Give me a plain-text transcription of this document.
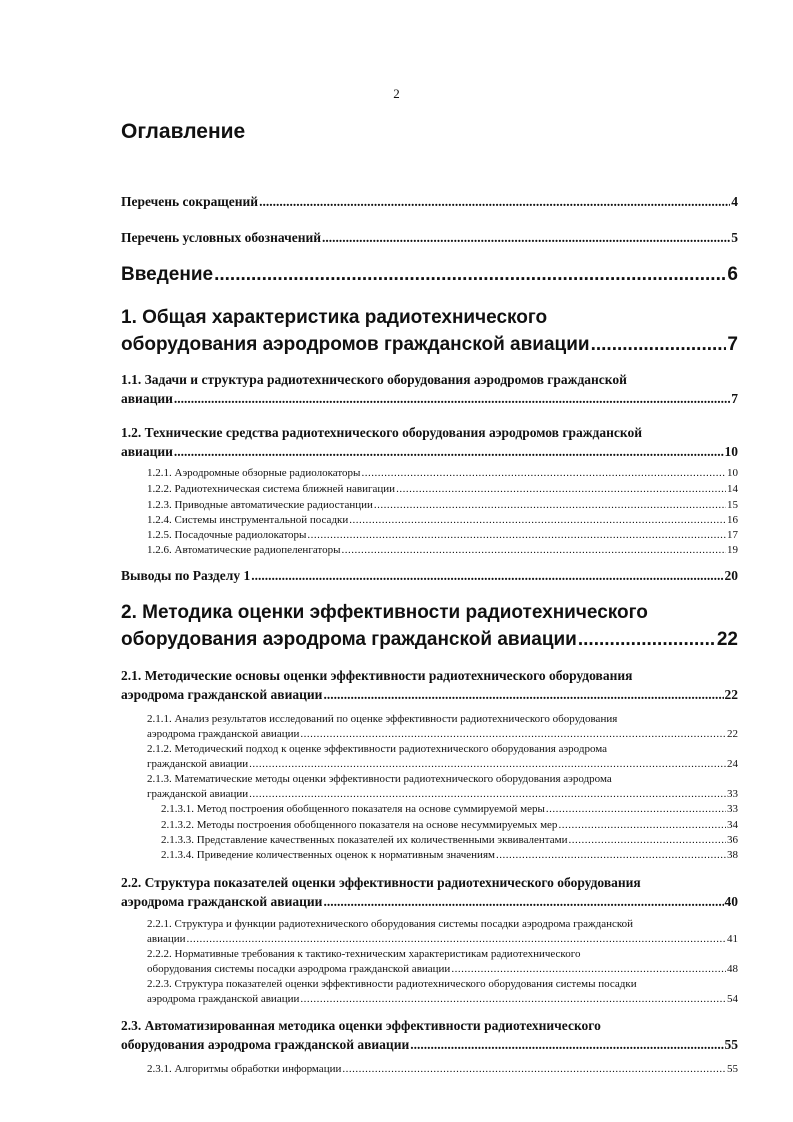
2
Оглавление
Перечень сокращений .....	4
Перечень условных обозначений .....	5
Введение .....	6
1. Общая характеристика радиотехнического
оборудования аэродромов гражданской авиации .....	7
1.1. Задачи и структура радиотехнического оборудования аэродромов гражданской
авиации .....	7
1.2. Технические средства радиотехнического оборудования аэродромов гражданской
авиации .....	10
1.2.1. Аэродромные обзорные радиолокаторы .....	10
1.2.2. Радиотехническая система ближней навигации .....	14
1.2.3. Приводные автоматические радиостанции .....	15
1.2.4. Системы инструментальной посадки .....	16
1.2.5. Посадочные радиолокаторы .....	17
1.2.6. Автоматические радиопеленгаторы .....	19
Выводы по Разделу 1 .....	20
2. Методика оценки эффективности радиотехнического
оборудования аэродрома гражданской авиации .....	22
2.1. Методические основы оценки эффективности радиотехнического оборудования
аэродрома гражданской авиации .....	22
2.1.1. Анализ результатов исследований по оценке эффективности радиотехнического оборудования
аэродрома гражданской авиации .....	22
2.1.2. Методический подход к оценке эффективности радиотехнического оборудования аэродрома
гражданской авиации .....	24
2.1.3. Математические методы оценки эффективности радиотехнического оборудования аэродрома
гражданской авиации .....	33
2.1.3.1. Метод построения обобщенного показателя на основе суммируемой меры .....	33
2.1.3.2. Методы построения обобщенного показателя на основе несуммируемых мер .....	34
2.1.3.3. Представление качественных показателей их количественными эквивалентами .....	36
2.1.3.4. Приведение количественных оценок к нормативным значениям .....	38
2.2. Структура показателей оценки эффективности радиотехнического оборудования
аэродрома гражданской авиации .....	40
2.2.1. Структура и функции радиотехнического оборудования системы посадки аэродрома гражданской
авиации .....	41
2.2.2. Нормативные требования к тактико-техническим характеристикам радиотехнического
оборудования системы посадки аэродрома гражданской авиации .....	48
2.2.3. Структура показателей оценки эффективности радиотехнического оборудования системы посадки
аэродрома гражданской авиации .....	54
2.3. Автоматизированная методика оценки эффективности радиотехнического
оборудования аэродрома гражданской авиации .....	55
2.3.1. Алгоритмы обработки информации .....	55
